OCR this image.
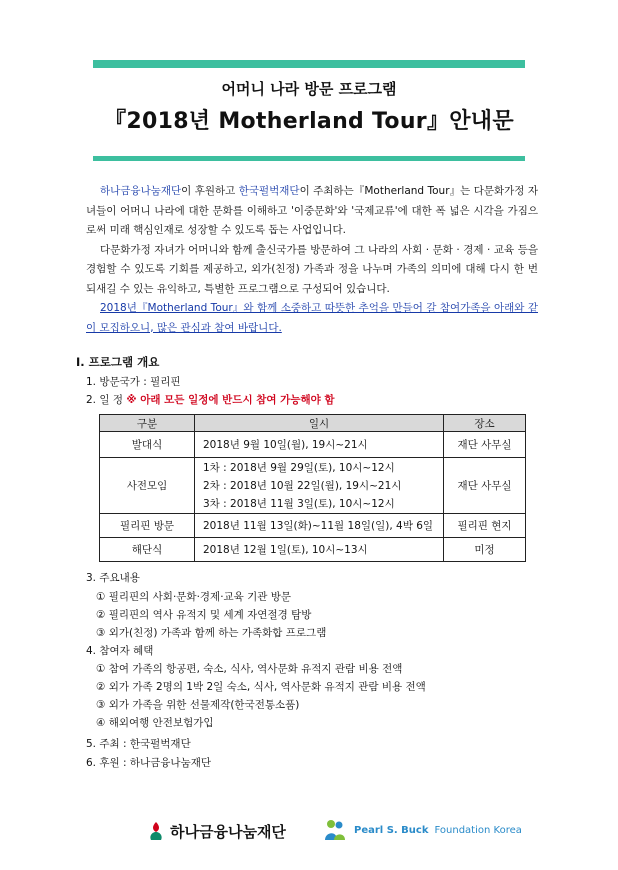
어머니 나라 방문 프로그램
『2018년 Motherland Tour』안내문

하나금융나눔재단이 후원하고 한국펄벅재단이 주최하는『Motherland Tour』는 다문화가정 자녀들이 어머니 나라에 대한 문화를 이해하고 '이중문화'와 '국제교류'에 대한 폭 넓은 시각을 가짐으로써 미래 핵심인재로 성장할 수 있도록 돕는 사업입니다.

다문화가정 자녀가 어머니와 함께 출신국가를 방문하여 그 나라의 사회 · 문화 · 경제 · 교육 등을 경험할 수 있도록 기회를 제공하고, 외가(친정) 가족과 정을 나누며 가족의 의미에 대해 다시 한 번 되새길 수 있는 유익하고, 특별한 프로그램으로 구성되어 있습니다.

2018년『Motherland Tour』와 함께 소중하고 따뜻한 추억을 만들어 갈 참여가족을 아래와 같이 모집하오니, 많은 관심과 참여 바랍니다.

Ⅰ. 프로그램 개요
1. 방문국가 : 필리핀
2. 일 정 ※ 아래 모든 일정에 반드시 참여 가능해야 함
구분	일시	장소
발대식	2018년 9월 10일(월), 19시~21시	재단 사무실
사전모임	1차 : 2018년 9월 29일(토), 10시~12시
2차 : 2018년 10월 22일(월), 19시~21시
3차 : 2018년 11월 3일(토), 10시~12시	재단 사무실
필리핀 방문	2018년 11월 13일(화)~11월 18일(일), 4박 6일	필리핀 현지
해단식	2018년 12월 1일(토), 10시~13시	미정
3. 주요내용
① 필리핀의 사회·문화·경제·교육 기관 방문
② 필리핀의 역사 유적지 및 세계 자연절경 탐방
③ 외가(친정) 가족과 함께 하는 가족화합 프로그램
4. 참여자 혜택
① 참여 가족의 항공편, 숙소, 식사, 역사문화 유적지 관람 비용 전액
② 외가 가족 2명의 1박 2일 숙소, 식사, 역사문화 유적지 관람 비용 전액
③ 외가 가족을 위한 선물제작(한국전통소품)
④ 해외여행 안전보험가입
5. 주최 : 한국펄벅재단
6. 후원 : 하나금융나눔재단
하나금융나눔재단	Pearl S. Buck Foundation Korea
